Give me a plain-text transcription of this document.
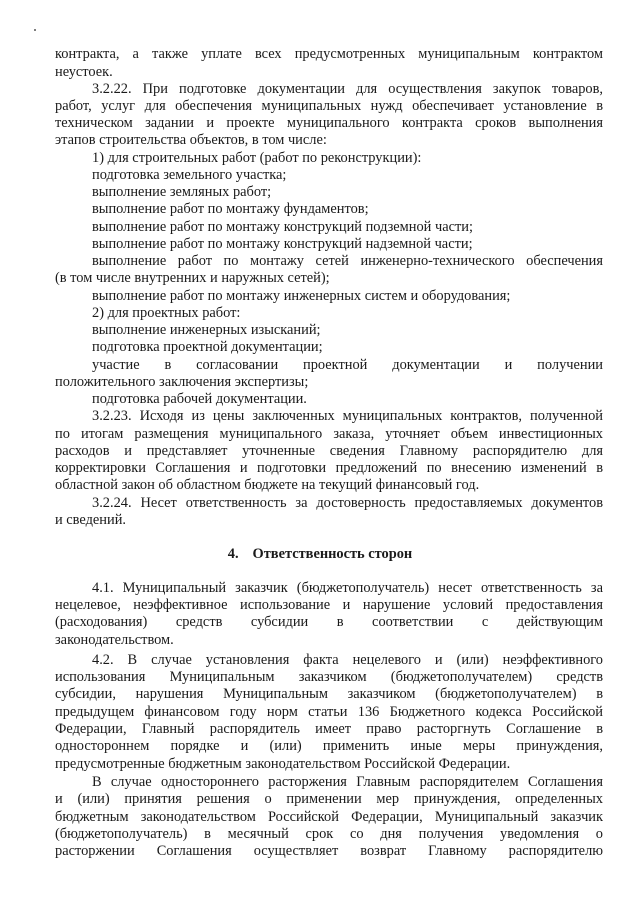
контракта, а также уплате всех предусмотренных муниципальным контрактом
неустоек.
3.2.22. При подготовке документации для осуществления закупок товаров,
работ, услуг для обеспечения муниципальных нужд обеспечивает установление в
техническом задании и проекте муниципального контракта сроков выполнения
этапов строительства объектов, в том числе:
1) для строительных работ (работ по реконструкции):
подготовка земельного участка;
выполнение земляных работ;
выполнение работ по монтажу фундаментов;
выполнение работ по монтажу конструкций подземной части;
выполнение работ по монтажу конструкций надземной части;
выполнение работ по монтажу сетей инженерно-технического обеспечения
(в том числе внутренних и наружных сетей);
выполнение работ по монтажу инженерных систем и оборудования;
2) для проектных работ:
выполнение инженерных изысканий;
подготовка проектной документации;
участие в согласовании проектной документации и получении
положительного заключения экспертизы;
подготовка рабочей документации.
3.2.23. Исходя из цены заключенных муниципальных контрактов, полученной
по итогам размещения муниципального заказа, уточняет объем инвестиционных
расходов и представляет уточненные сведения Главному распорядителю для
корректировки Соглашения и подготовки предложений по внесению изменений в
областной закон об областном бюджете на текущий финансовый год.
3.2.24. Несет ответственность за достоверность предоставляемых документов
и сведений.
4. Ответственность сторон
4.1. Муниципальный заказчик (бюджетополучатель) несет ответственность за
нецелевое, неэффективное использование и нарушение условий предоставления
(расходования) средств субсидии в соответствии с действующим
законодательством.
4.2. В случае установления факта нецелевого и (или) неэффективного
использования Муниципальным заказчиком (бюджетополучателем) средств
субсидии, нарушения Муниципальным заказчиком (бюджетополучателем) в
предыдущем финансовом году норм статьи 136 Бюджетного кодекса Российской
Федерации, Главный распорядитель имеет право расторгнуть Соглашение в
одностороннем порядке и (или) применить иные меры принуждения,
предусмотренные бюджетным законодательством Российской Федерации.
В случае одностороннего расторжения Главным распорядителем Соглашения
и (или) принятия решения о применении мер принуждения, определенных
бюджетным законодательством Российской Федерации, Муниципальный заказчик
(бюджетополучатель) в месячный срок со дня получения уведомления о
расторжении Соглашения осуществляет возврат Главному распорядителю
